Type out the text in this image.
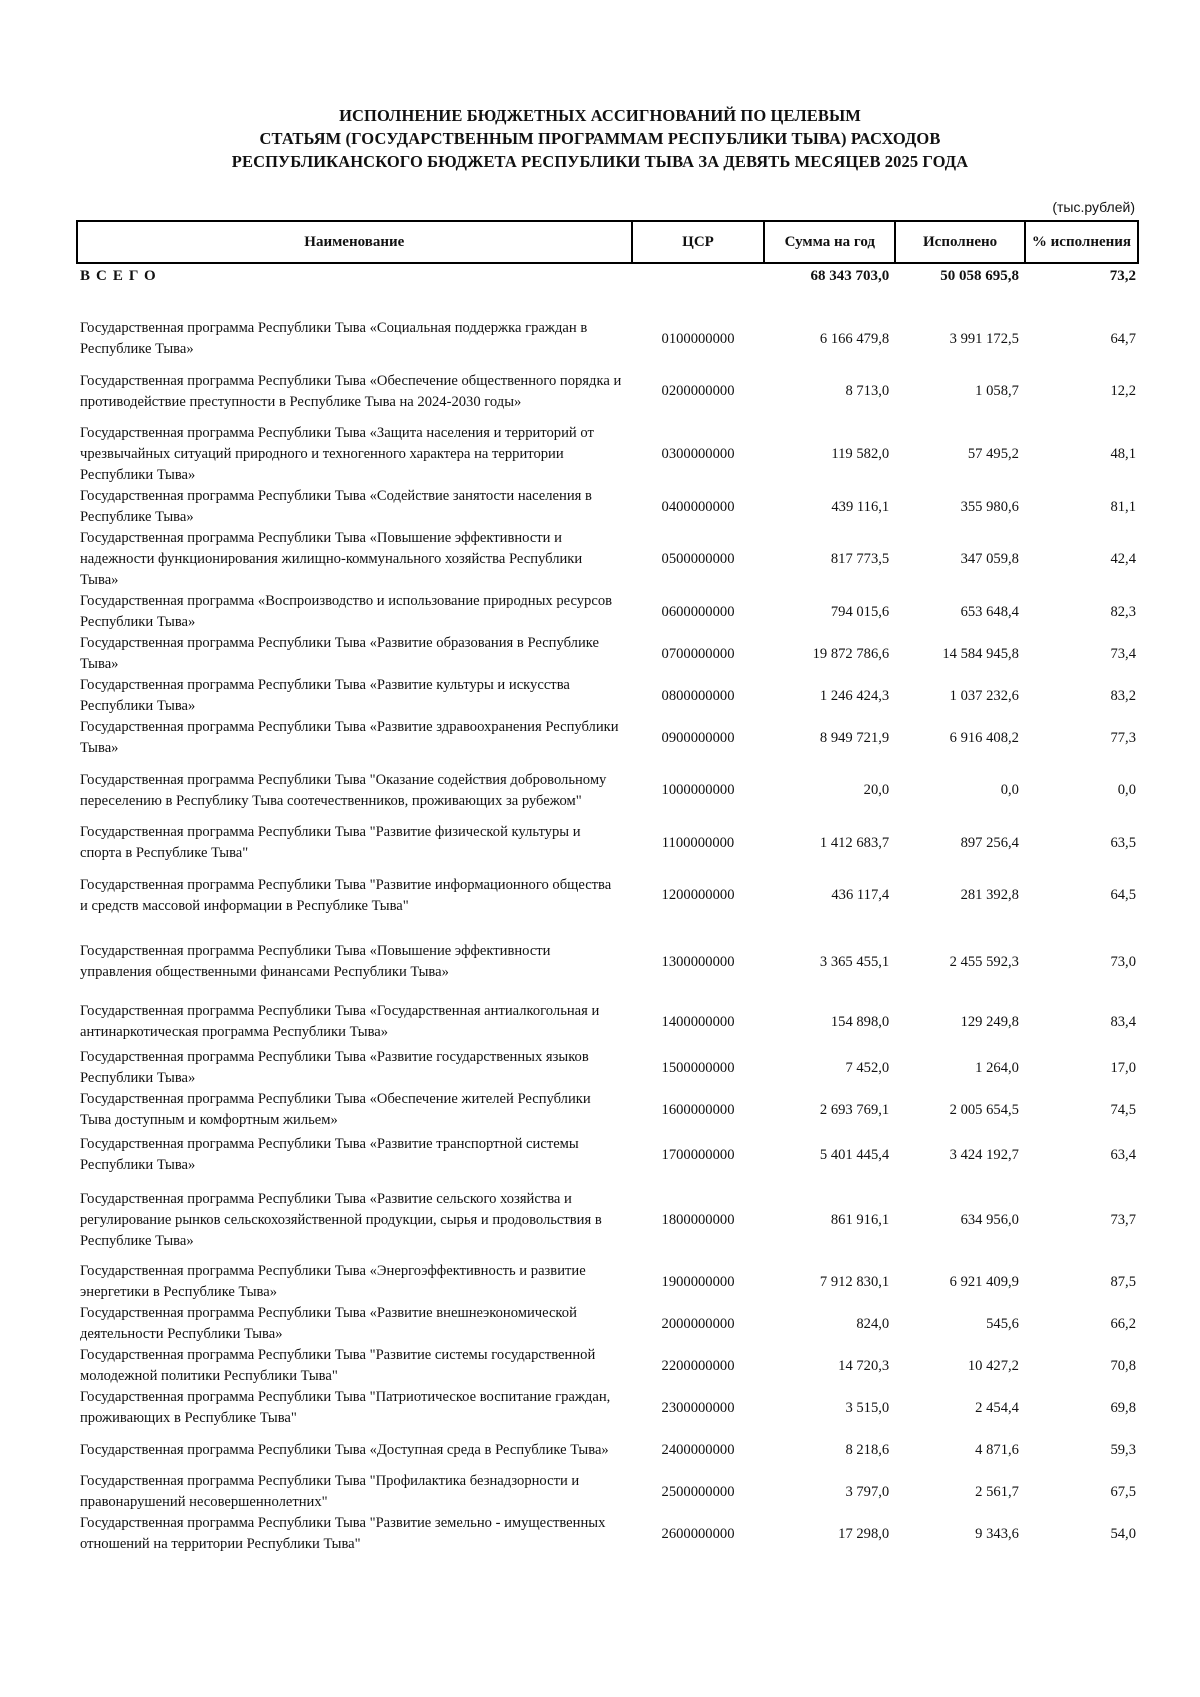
ИСПОЛНЕНИЕ БЮДЖЕТНЫХ АССИГНОВАНИЙ ПО ЦЕЛЕВЫМ
СТАТЬЯМ (ГОСУДАРСТВЕННЫМ ПРОГРАММАМ РЕСПУБЛИКИ ТЫВА) РАСХОДОВ
РЕСПУБЛИКАНСКОГО БЮДЖЕТА РЕСПУБЛИКИ ТЫВА ЗА ДЕВЯТЬ МЕСЯЦЕВ 2025 ГОДА
(тыс.рублей)
Наименование	ЦСР	Сумма на год	Исполнено	% исполнения
ВСЕГО		68 343 703,0	50 058 695,8	73,2
Государственная программа Республики Тыва «Социальная поддержка граждан в Республике Тыва»	0100000000	6 166 479,8	3 991 172,5	64,7
Государственная программа Республики Тыва «Обеспечение общественного порядка и противодействие преступности в Республике Тыва на 2024-2030 годы»	0200000000	8 713,0	1 058,7	12,2
Государственная программа Республики Тыва «Защита населения и территорий от чрезвычайных ситуаций природного и техногенного характера на территории Республики Тыва»	0300000000	119 582,0	57 495,2	48,1
Государственная программа Республики Тыва «Содействие занятости населения в Республике Тыва»	0400000000	439 116,1	355 980,6	81,1
Государственная программа Республики Тыва «Повышение эффективности и надежности функционирования жилищно-коммунального хозяйства Республики Тыва»	0500000000	817 773,5	347 059,8	42,4
Государственная программа «Воспроизводство и использование природных ресурсов Республики Тыва»	0600000000	794 015,6	653 648,4	82,3
Государственная программа Республики Тыва «Развитие образования в Республике Тыва»	0700000000	19 872 786,6	14 584 945,8	73,4
Государственная программа Республики Тыва «Развитие культуры и искусства Республики Тыва»	0800000000	1 246 424,3	1 037 232,6	83,2
Государственная программа Республики Тыва «Развитие здравоохранения Республики Тыва»	0900000000	8 949 721,9	6 916 408,2	77,3
Государственная программа Республики Тыва "Оказание содействия добровольному переселению в Республику Тыва соотечественников, проживающих за рубежом"	1000000000	20,0	0,0	0,0
Государственная программа Республики Тыва "Развитие физической культуры и спорта в Республике Тыва"	1100000000	1 412 683,7	897 256,4	63,5
Государственная программа Республики Тыва "Развитие информационного общества и средств массовой информации в Республике Тыва"	1200000000	436 117,4	281 392,8	64,5
Государственная программа Республики Тыва «Повышение эффективности управления общественными финансами Республики Тыва»	1300000000	3 365 455,1	2 455 592,3	73,0
Государственная программа Республики Тыва «Государственная антиалкогольная и антинаркотическая программа Республики Тыва»	1400000000	154 898,0	129 249,8	83,4
Государственная программа Республики Тыва «Развитие государственных языков Республики Тыва»	1500000000	7 452,0	1 264,0	17,0
Государственная программа Республики Тыва «Обеспечение жителей Республики Тыва доступным и комфортным жильем»	1600000000	2 693 769,1	2 005 654,5	74,5
Государственная программа Республики Тыва «Развитие транспортной системы Республики Тыва»	1700000000	5 401 445,4	3 424 192,7	63,4
Государственная программа Республики Тыва «Развитие сельского хозяйства и регулирование рынков сельскохозяйственной продукции, сырья и продовольствия в Республике Тыва»	1800000000	861 916,1	634 956,0	73,7
Государственная программа Республики Тыва «Энергоэффективность и развитие энергетики в Республике Тыва»	1900000000	7 912 830,1	6 921 409,9	87,5
Государственная программа Республики Тыва «Развитие внешнеэкономической деятельности Республики Тыва»	2000000000	824,0	545,6	66,2
Государственная программа Республики Тыва "Развитие системы государственной молодежной политики Республики Тыва"	2200000000	14 720,3	10 427,2	70,8
Государственная программа Республики Тыва "Патриотическое воспитание граждан, проживающих в Республике Тыва"	2300000000	3 515,0	2 454,4	69,8
Государственная программа Республики Тыва «Доступная среда в Республике Тыва»	2400000000	8 218,6	4 871,6	59,3
Государственная программа Республики Тыва "Профилактика безнадзорности и правонарушений несовершеннолетних"	2500000000	3 797,0	2 561,7	67,5
Государственная программа Республики Тыва "Развитие земельно - имущественных отношений на территории Республики Тыва"	2600000000	17 298,0	9 343,6	54,0
